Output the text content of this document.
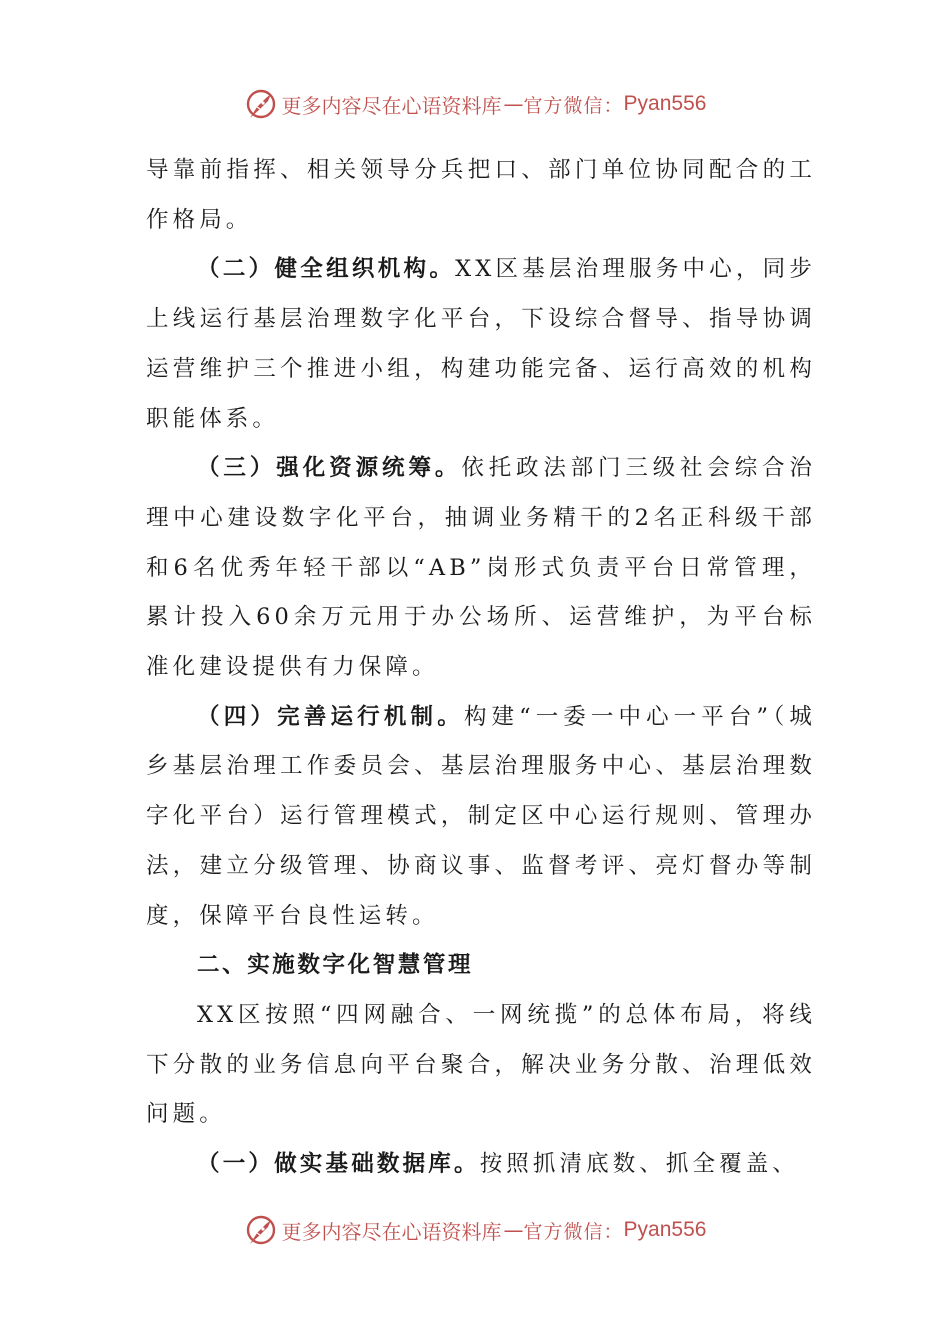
更多内容尽在心语资料库 — 官方微信： Pyan556

导靠前指挥、相关领导分兵把口、部门单位协同配合的工作格局。

（二）健全组织机构。XX区基层治理服务中心，同步上线运行基层治理数字化平台，下设综合督导、指导协调运营维护三个推进小组，构建功能完备、运行高效的机构职能体系。

（三）强化资源统筹。依托政法部门三级社会综合治理中心建设数字化平台，抽调业务精干的2名正科级干部和6名优秀年轻干部以“AB”岗形式负责平台日常管理，累计投入60余万元用于办公场所、运营维护，为平台标准化建设提供有力保障。

（四）完善运行机制。构建“一委一中心一平台”（城乡基层治理工作委员会、基层治理服务中心、基层治理数字化平台）运行管理模式，制定区中心运行规则、管理办法，建立分级管理、协商议事、监督考评、亮灯督办等制度，保障平台良性运转。

二、实施数字化智慧管理

XX区按照“四网融合、一网统揽”的总体布局，将线下分散的业务信息向平台聚合，解决业务分散、治理低效问题。

（一）做实基础数据库。按照抓清底数、抓全覆盖、

更多内容尽在心语资料库 — 官方微信： Pyan556
